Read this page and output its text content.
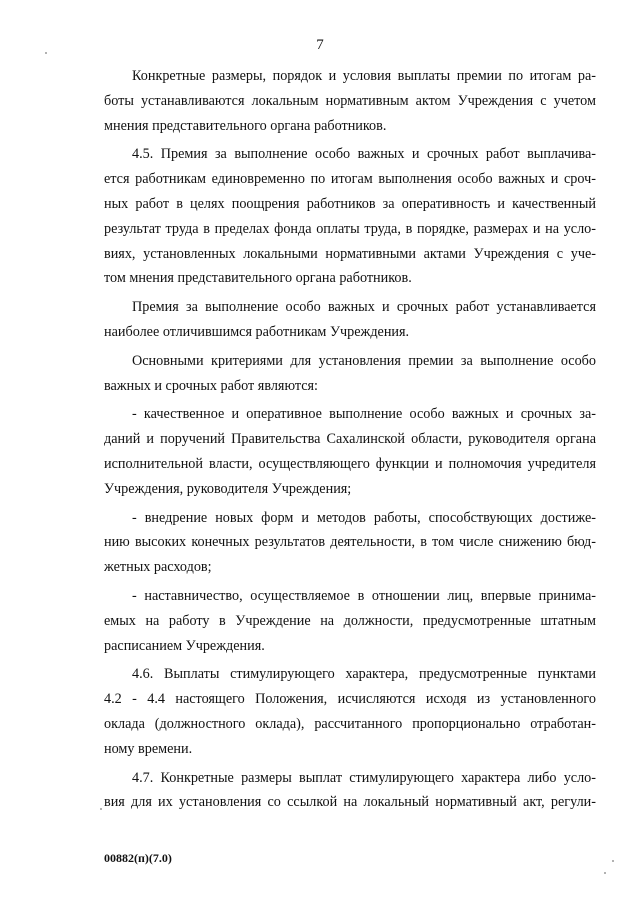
7
Конкретные размеры, порядок и условия выплаты премии по итогам ра-
боты устанавливаются локальным нормативным актом Учреждения с учетом
мнения представительного органа работников.
4.5. Премия за выполнение особо важных и срочных работ выплачива-
ется работникам единовременно по итогам выполнения особо важных и сроч-
ных работ в целях поощрения работников за оперативность и качественный
результат труда в пределах фонда оплаты труда, в порядке, размерах и на усло-
виях, установленных локальными нормативными актами Учреждения с уче-
том мнения представительного органа работников.
Премия за выполнение особо важных и срочных работ устанавливается
наиболее отличившимся работникам Учреждения.
Основными критериями для установления премии за выполнение особо
важных и срочных работ являются:
- качественное и оперативное выполнение особо важных и срочных за-
даний и поручений Правительства Сахалинской области, руководителя органа
исполнительной власти, осуществляющего функции и полномочия учредителя
Учреждения, руководителя Учреждения;
- внедрение новых форм и методов работы, способствующих достиже-
нию высоких конечных результатов деятельности, в том числе снижению бюд-
жетных расходов;
- наставничество, осуществляемое в отношении лиц, впервые принима-
емых на работу в Учреждение на должности, предусмотренные штатным
расписанием Учреждения.
4.6. Выплаты стимулирующего характера, предусмотренные пунктами
4.2 - 4.4 настоящего Положения, исчисляются исходя из установленного
оклада (должностного оклада), рассчитанного пропорционально отработан-
ному времени.
4.7. Конкретные размеры выплат стимулирующего характера либо усло-
вия для их установления со ссылкой на локальный нормативный акт, регули-
00882(п)(7.0)
